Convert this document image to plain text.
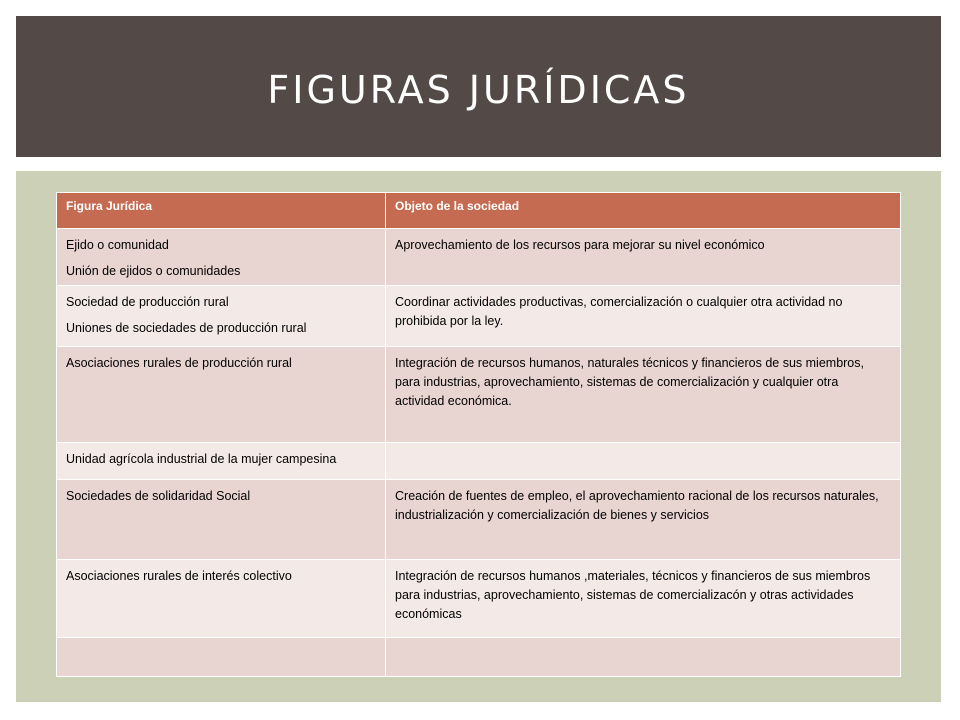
FIGURAS JURÍDICAS
Figura Jurídica	Objeto de la sociedad

Ejido o comunidad

Unión de ejidos o comunidades	Aprovechamiento de los recursos para mejorar su nivel económico

Sociedad de producción rural

Uniones de sociedades de producción rural	Coordinar actividades productivas, comercialización o cualquier otra actividad no prohibida por la ley.
Asociaciones rurales de producción rural	Integración de recursos humanos, naturales técnicos y financieros de sus miembros, para industrias, aprovechamiento, sistemas de comercialización y cualquier otra actividad económica.
Unidad agrícola industrial de la mujer campesina	
Sociedades de solidaridad Social	Creación de fuentes de empleo, el aprovechamiento racional de los recursos naturales, industrialización y comercialización de bienes y servicios
Asociaciones rurales de interés colectivo	Integración de recursos humanos ,materiales, técnicos y financieros de sus miembros para industrias, aprovechamiento, sistemas de comercializacón y otras actividades económicas
